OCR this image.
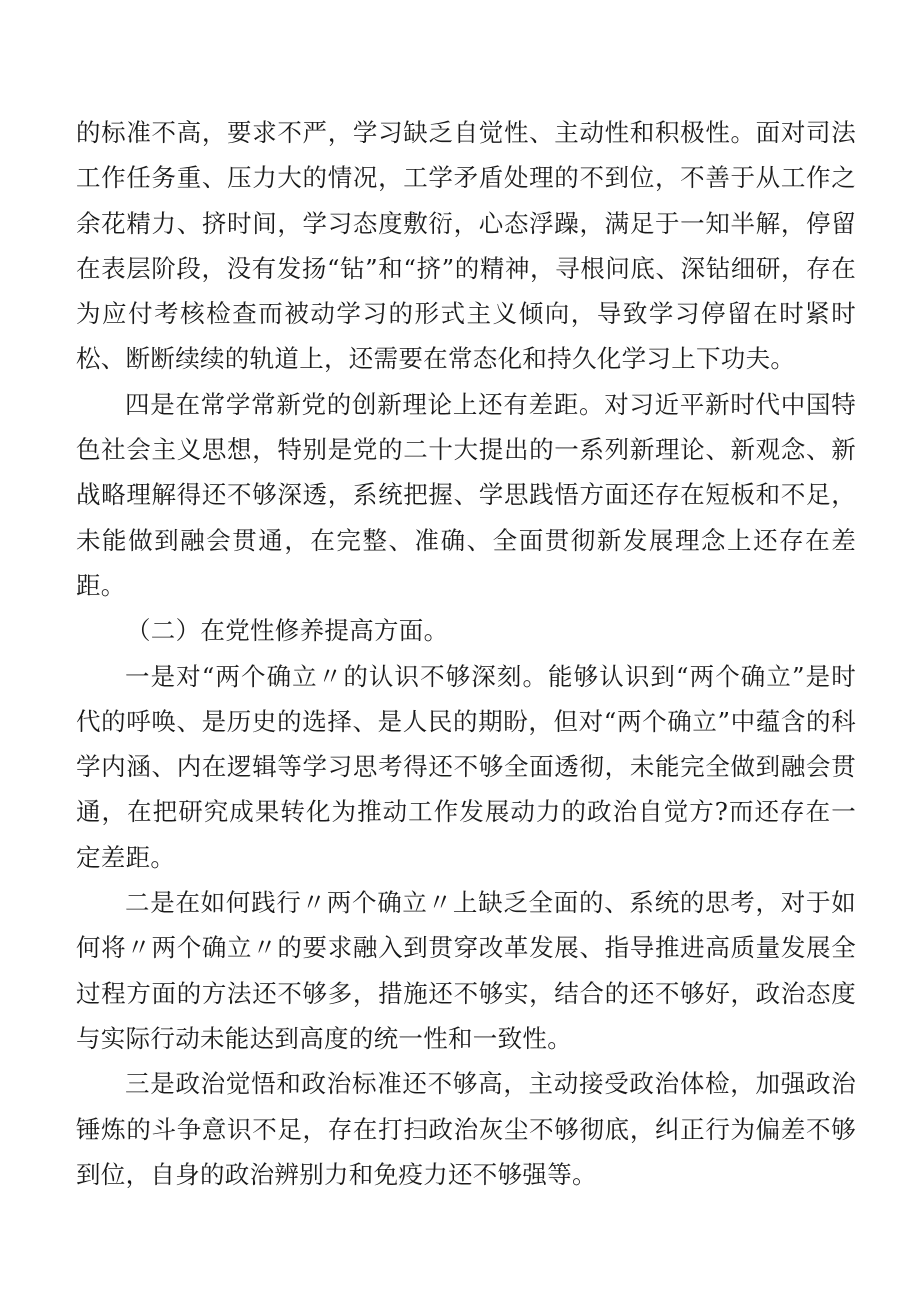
的标准不高，要求不严，学习缺乏自觉性、主动性和积极性。面对司法工作任务重、压力大的情况，工学矛盾处理的不到位，不善于从工作之余花精力、挤时间，学习态度敷衍，心态浮躁，满足于一知半解，停留在表层阶段，没有发扬“钻”和“挤”的精神，寻根问底、深钻细研，存在为应付考核检查而被动学习的形式主义倾向，导致学习停留在时紧时松、断断续续的轨道上，还需要在常态化和持久化学习上下功夫。

四是在常学常新党的创新理论上还有差距。对习近平新时代中国特色社会主义思想，特别是党的二十大提出的一系列新理论、新观念、新战略理解得还不够深透，系统把握、学思践悟方面还存在短板和不足，未能做到融会贯通，在完整、准确、全面贯彻新发展理念上还存在差距。

（二）在党性修养提高方面。

一是对“两个确立〃的认识不够深刻。能够认识到“两个确立”是时代的呼唤、是历史的选择、是人民的期盼，但对“两个确立”中蕴含的科学内涵、内在逻辑等学习思考得还不够全面透彻，未能完全做到融会贯通，在把研究成果转化为推动工作发展动力的政治自觉方?而还存在一定差距。

二是在如何践行〃两个确立〃上缺乏全面的、系统的思考，对于如何将〃两个确立〃的要求融入到贯穿改革发展、指导推进高质量发展全过程方面的方法还不够多，措施还不够实，结合的还不够好，政治态度与实际行动未能达到高度的统一性和一致性。

三是政治觉悟和政治标准还不够高，主动接受政治体检，加强政治锤炼的斗争意识不足，存在打扫政治灰尘不够彻底，纠正行为偏差不够到位，自身的政治辨别力和免疫力还不够强等。
